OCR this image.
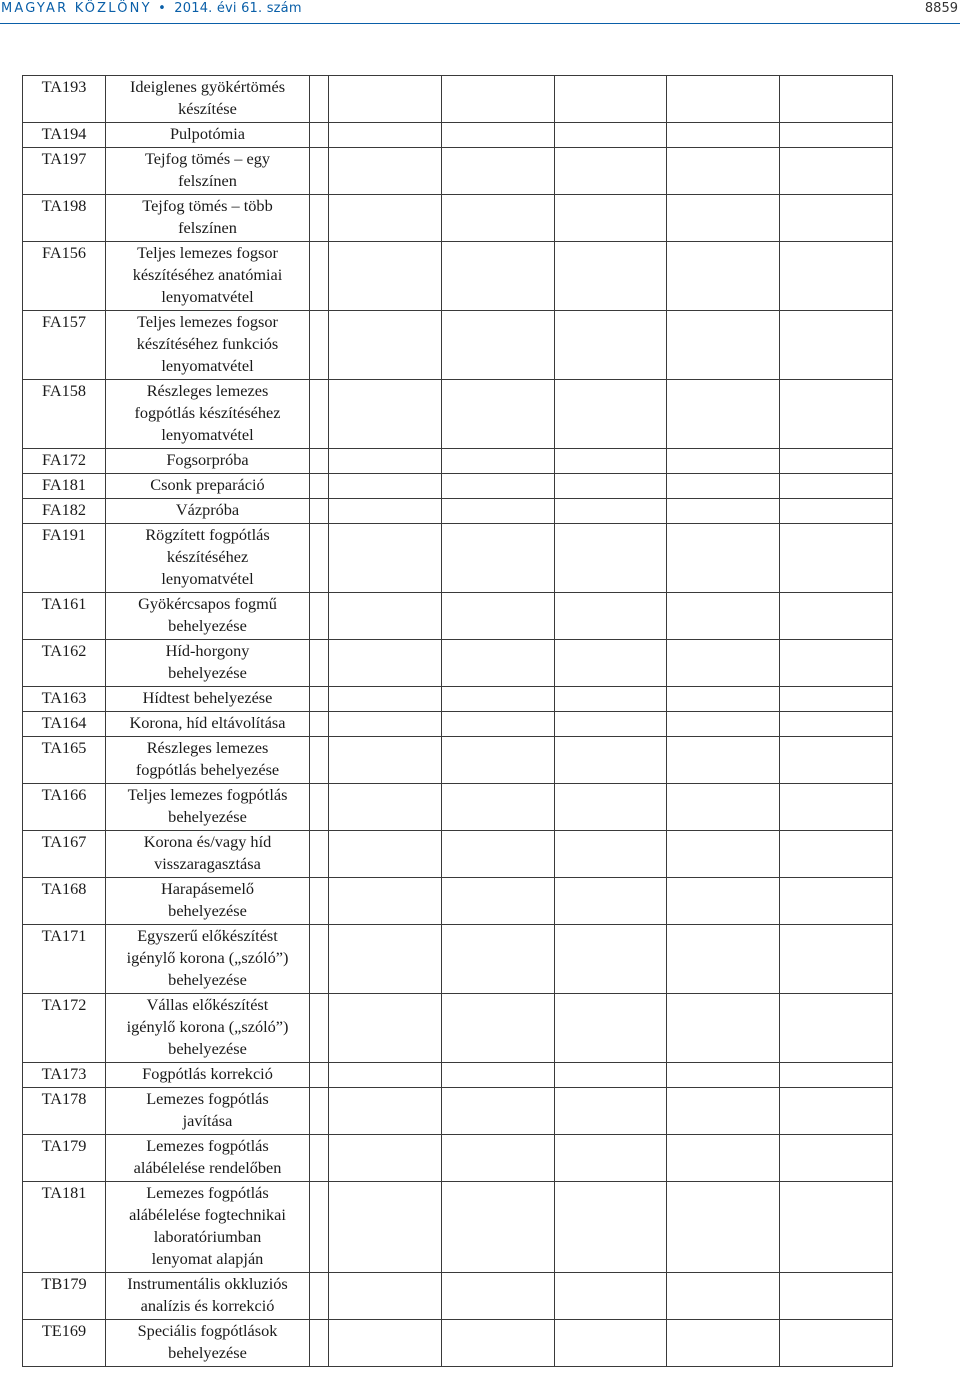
MAGYAR KÖZLÖNY • 2014. évi 61. szám	8859
TA193	Ideiglenes gyökértömés
készítése						
TA194	Pulpotómia						
TA197	Tejfog tömés – egy
felszínen						
TA198	Tejfog tömés – több
felszínen						
FA156	Teljes lemezes fogsor
készítéséhez anatómiai
lenyomatvétel						
FA157	Teljes lemezes fogsor
készítéséhez funkciós
lenyomatvétel						
FA158	Részleges lemezes
fogpótlás készítéséhez
lenyomatvétel						
FA172	Fogsorpróba						
FA181	Csonk preparáció						
FA182	Vázpróba						
FA191	Rögzített fogpótlás
készítéséhez
lenyomatvétel						
TA161	Gyökércsapos fogmű
behelyezése						
TA162	Híd-horgony
behelyezése						
TA163	Hídtest behelyezése						
TA164	Korona, híd eltávolítása						
TA165	Részleges lemezes
fogpótlás behelyezése						
TA166	Teljes lemezes fogpótlás
behelyezése						
TA167	Korona és/vagy híd
visszaragasztása						
TA168	Harapásemelő
behelyezése						
TA171	Egyszerű előkészítést
igénylő korona („szóló”)
behelyezése						
TA172	Vállas előkészítést
igénylő korona („szóló”)
behelyezése						
TA173	Fogpótlás korrekció						
TA178	Lemezes fogpótlás
javítása						
TA179	Lemezes fogpótlás
alábélelése rendelőben						
TA181	Lemezes fogpótlás
alábélelése fogtechnikai
laboratóriumban
lenyomat alapján						
TB179	Instrumentális okkluziós
analízis és korrekció						
TE169	Speciális fogpótlások
behelyezése						
